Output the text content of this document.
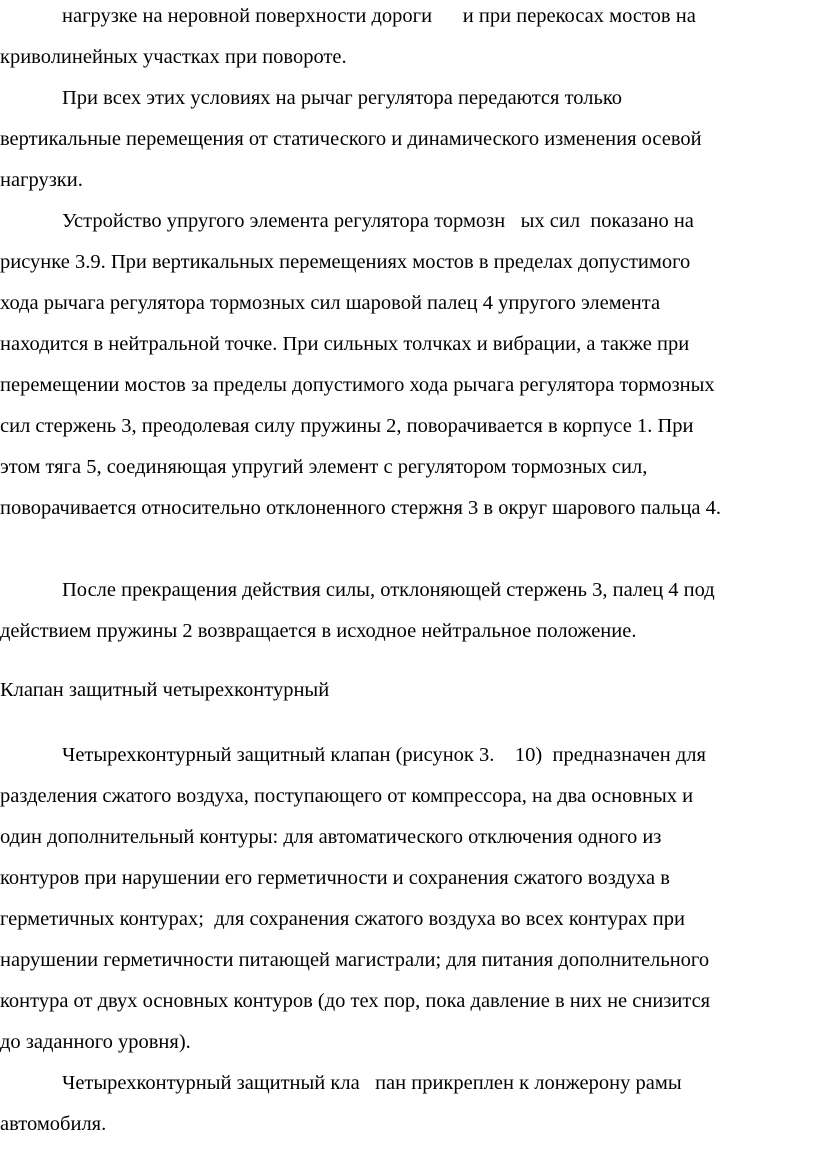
нагрузке на неровной поверхности дороги      и при перекосах мостов на
криволинейных участках при повороте.
При всех этих условиях на рычаг регулятора передаются только
вертикальные перемещения от статического и динамического изменения осевой
нагрузки.
Устройство упругого элемента регулятора тормозн   ых сил  показано на
рисунке 3.9. При вертикальных перемещениях мостов в пределах допустимого
хода рычага регулятора тормозных сил шаровой палец 4 упругого элемента
находится в нейтральной точке. При сильных толчках и вибрации, а также при
перемещении мостов за пределы допустимого хода рычага регулятора тормозных
сил стержень 3, преодолевая силу пружины 2, поворачивается в корпусе 1. При
этом тяга 5, соединяющая упругий элемент с регулятором тормозных сил,
поворачивается относительно отклоненного стержня 3 в округ шарового пальца 4.
После прекращения действия силы, отклоняющей стержень 3, палец 4 под
действием пружины 2 возвращается в исходное нейтральное положение.
Клапан защитный четырехконтурный
Четырехконтурный защитный клапан (рисунок 3.    10)  предназначен для
разделения сжатого воздуха, поступающего от компрессора, на два основных и
один дополнительный контуры: для автоматического отключения одного из
контуров при нарушении его герметичности и сохранения сжатого воздуха в
герметичных контурах;  для сохранения сжатого воздуха во всех контурах при
нарушении герметичности питающей магистрали; для питания дополнительного
контура от двух основных контуров (до тех пор, пока давление в них не снизится
до заданного уровня).
Четырехконтурный защитный кла   пан прикреплен к лонжерону рамы
автомобиля.
